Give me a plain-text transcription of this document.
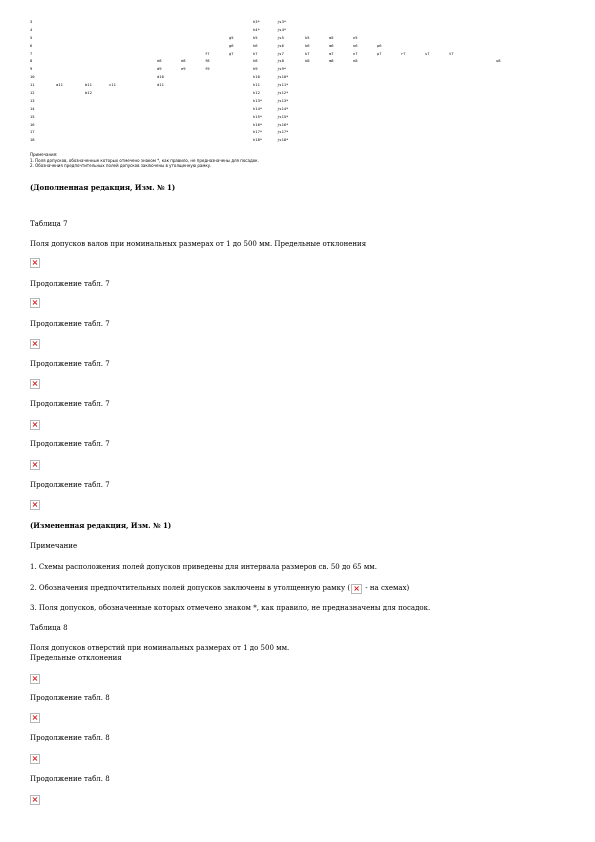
3	h3*	js3*
4	h4*	js4*
5	g5	h5	js5	k5	m5	n5
6	g6	h6	js6	k6	m6	n6	p6
7	f7	g7	h7	js7	k7	m7	n7	p7	r7	s7	t7
8	e8	e8	f8	h8	js8	k8	m8	n8	u8
9	d9	e9	f9	h9	js9*
10	d10	h10	js10*
11	a11	b11	c11	d11	h11	js11*
12	b12	h12	js12*
13	h13*	js13*
14	h14*	js14*
15	h15*	js15*
16	h16*	js16*
17	h17*	js17*
18	h18*	js18*
Примечания:
1. Поля допусков, обозначенные которых отмечено знаком *, как правило, не предназначены для посадок.
2. Обозначения предпочтительных полей допусков заключены в утолщенную рамку.
(Дополненная редакция, Изм. № 1)
Таблица 7
Поля допусков валов при номинальных размерах от 1 до 500 мм. Предельные отклонения
×
Продолжение табл. 7
×
Продолжение табл. 7
×
Продолжение табл. 7
×
Продолжение табл. 7
×
Продолжение табл. 7
×
Продолжение табл. 7
×
(Измененная редакция, Изм. № 1)
Примечание
1. Схемы расположения полей допусков приведены для интервала размеров св. 50 до 65 мм.
2. Обозначения предпочтительных полей допусков заключены в утолщенную рамку ( × - на схемах)
3. Поля допусков, обозначенные которых отмечено знаком *, как правило, не предназначены для посадок.
Таблица 8
Поля допусков отверстий при номинальных размерах от 1 до 500 мм.
Предельные отклонения
×
Продолжение табл. 8
×
Продолжение табл. 8
×
Продолжение табл. 8
×
